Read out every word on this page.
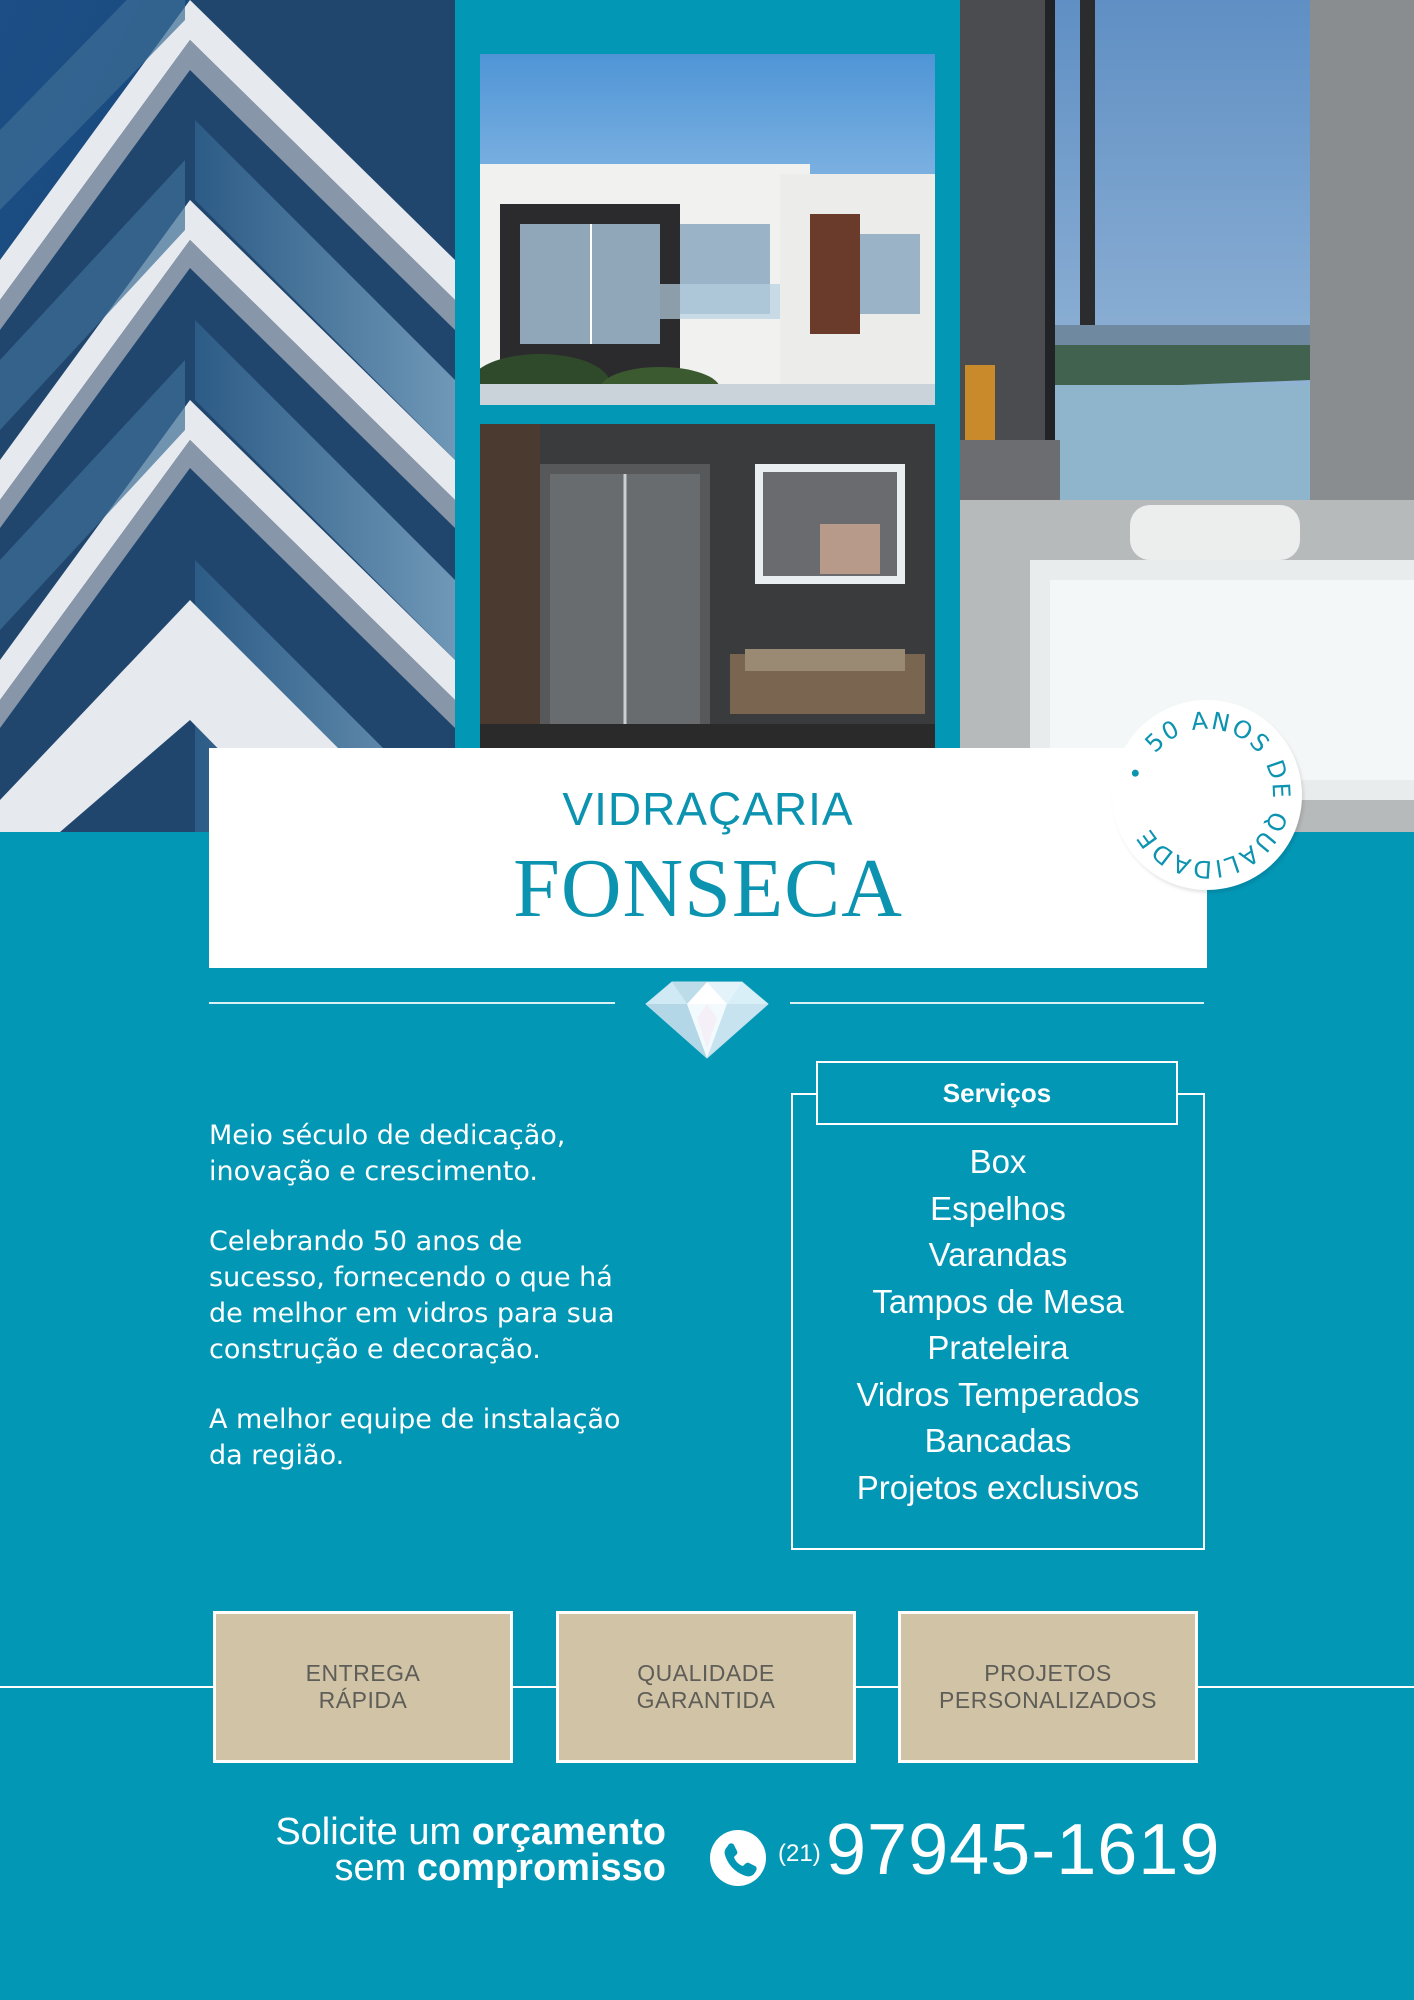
VIDRAÇARIA
FONSECA
• 50 ANOS DE QUALIDADE

Meio século de dedicação, inovação e crescimento.

Celebrando 50 anos de sucesso, fornecendo o que há de melhor em vidros para sua construção e decoração.

A melhor equipe de instalação da região.

Serviços
Box
Espelhos
Varandas
Tampos de Mesa
Prateleira
Vidros Temperados
Bancadas
Projetos exclusivos
ENTREGA
RÁPIDA
QUALIDADE
GARANTIDA
PROJETOS
PERSONALIZADOS
Solicite um orçamento
sem compromisso	(21) 97945-1619
